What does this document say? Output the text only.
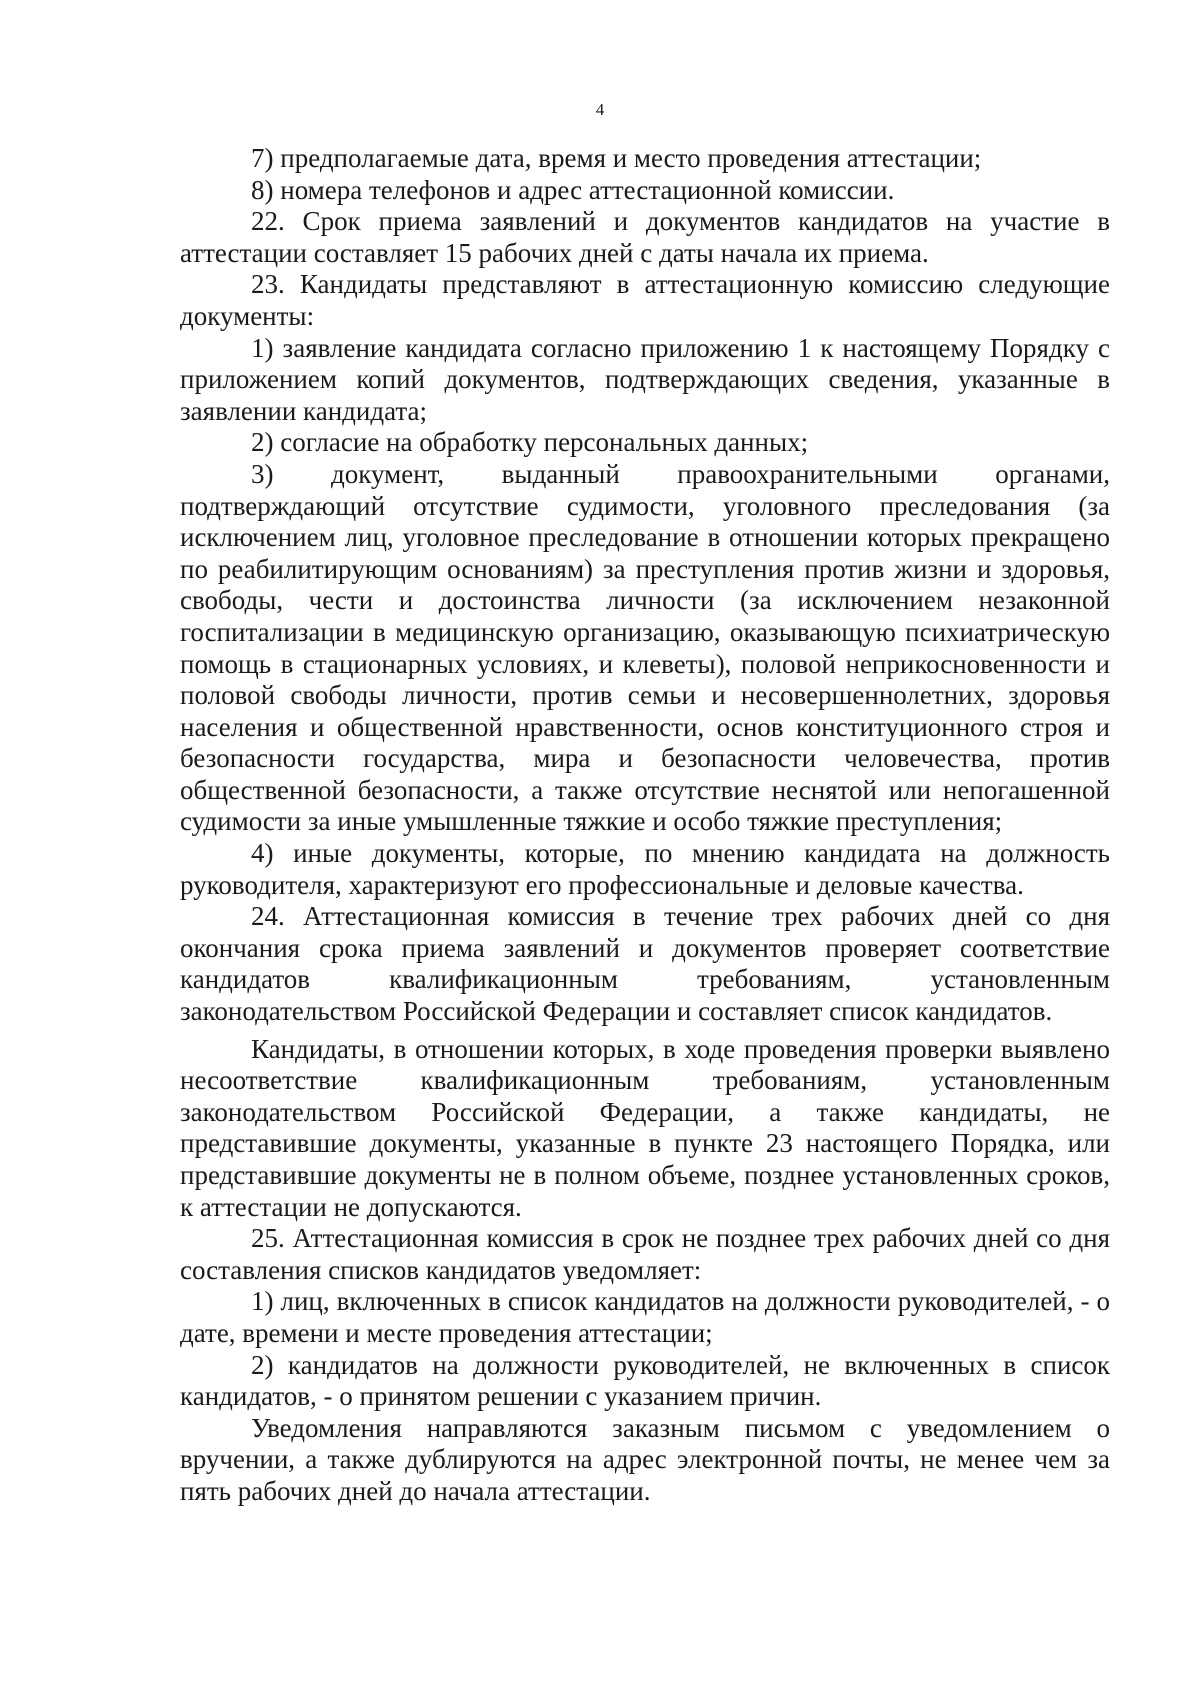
4

7) предполагаемые дата, время и место проведения аттестации;

8) номера телефонов и адрес аттестационной комиссии.

22. Срок приема заявлений и документов кандидатов на участие в аттестации составляет 15 рабочих дней с даты начала их приема.

23. Кандидаты представляют в аттестационную комиссию следующие документы:

1) заявление кандидата согласно приложению 1 к настоящему Порядку с приложением копий документов, подтверждающих сведения, указанные в заявлении кандидата;

2) согласие на обработку персональных данных;

3) документ, выданный правоохранительными органами, подтверждающий отсутствие судимости, уголовного преследования (за исключением лиц, уголовное преследование в отношении которых прекращено по реабилитирующим основаниям) за преступления против жизни и здоровья, свободы, чести и достоинства личности (за исключением незаконной госпитализации в медицинскую организацию, оказывающую психиатрическую помощь в стационарных условиях, и клеветы), половой неприкосновенности и половой свободы личности, против семьи и несовершеннолетних, здоровья населения и общественной нравственности, основ конституционного строя и безопасности государства, мира и безопасности человечества, против общественной безопасности, а также отсутствие неснятой или непогашенной судимости за иные умышленные тяжкие и особо тяжкие преступления;

4) иные документы, которые, по мнению кандидата на должность руководителя, характеризуют его профессиональные и деловые качества.

24. Аттестационная комиссия в течение трех рабочих дней со дня окончания срока приема заявлений и документов проверяет соответствие кандидатов квалификационным требованиям, установленным законодательством Российской Федерации и составляет список кандидатов.

Кандидаты, в отношении которых, в ходе проведения проверки выявлено несоответствие квалификационным требованиям, установленным законодательством Российской Федерации, а также кандидаты, не представившие документы, указанные в пункте 23 настоящего Порядка, или представившие документы не в полном объеме, позднее установленных сроков, к аттестации не допускаются.

25. Аттестационная комиссия в срок не позднее трех рабочих дней со дня составления списков кандидатов уведомляет:

1) лиц, включенных в список кандидатов на должности руководителей, - о дате, времени и месте проведения аттестации;

2) кандидатов на должности руководителей, не включенных в список кандидатов, - о принятом решении с указанием причин.

Уведомления направляются заказным письмом с уведомлением о вручении, а также дублируются на адрес электронной почты, не менее чем за пять рабочих дней до начала аттестации.
